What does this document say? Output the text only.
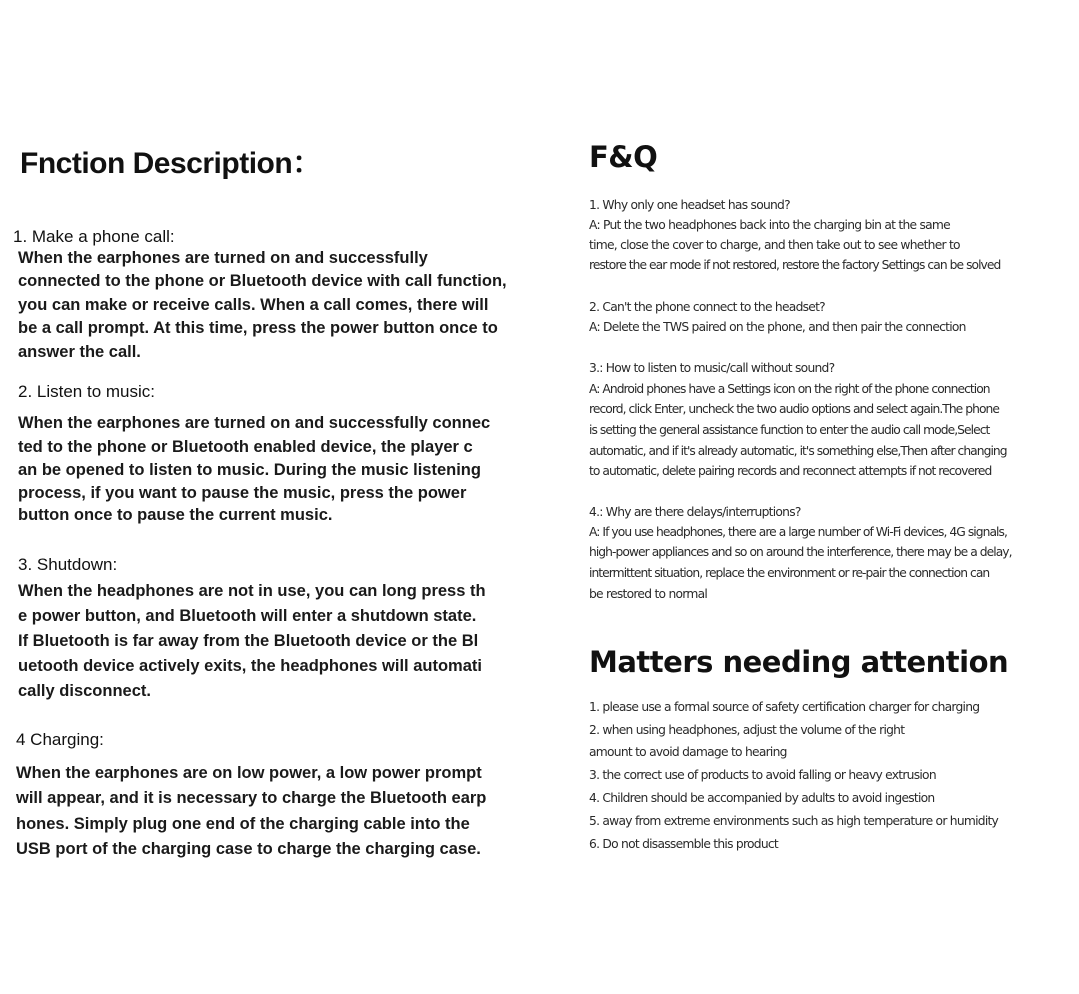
Fnction Description：
1. Make a phone call:
When the earphones are turned on and successfully
connected to the phone or Bluetooth device with call function,
you can make or receive calls. When a call comes, there will
be a call prompt. At this time, press the power button once to
answer the call.
2. Listen to music:
When the earphones are turned on and successfully connec
ted to the phone or Bluetooth enabled device, the player c
an be opened to listen to music. During the music listening
process, if you want to pause the music, press the power
button once to pause the current music.
3. Shutdown:
When the headphones are not in use, you can long press th
e power button, and Bluetooth will enter a shutdown state.
If Bluetooth is far away from the Bluetooth device or the Bl
uetooth device actively exits, the headphones will automati
cally disconnect.
4 Charging:
When the earphones are on low power, a low power prompt
will appear, and it is necessary to charge the Bluetooth earp
hones. Simply plug one end of the charging cable into the
USB port of the charging case to charge the charging case.
F&Q
1. Why only one headset has sound?
A: Put the two headphones back into the charging bin at the same
time, close the cover to charge, and then take out to see whether to
restore the ear mode if not restored, restore the factory Settings can be solved
2. Can't the phone connect to the headset?
A: Delete the TWS paired on the phone, and then pair the connection
3.: How to listen to music/call without sound?
A: Android phones have a Settings icon on the right of the phone connection
record, click Enter, uncheck the two audio options and select again.The phone
is setting the general assistance function to enter the audio call mode,Select
automatic, and if it's already automatic, it's something else,Then after changing
to automatic, delete pairing records and reconnect attempts if not recovered
4.: Why are there delays/interruptions?
A: If you use headphones, there are a large number of Wi-Fi devices, 4G signals,
high-power appliances and so on around the interference, there may be a delay,
intermittent situation, replace the environment or re-pair the connection can
be restored to normal
Matters needing attention
1. please use a formal source of safety certification charger for charging
2. when using headphones, adjust the volume of the right
amount to avoid damage to hearing
3. the correct use of products to avoid falling or heavy extrusion
4. Children should be accompanied by adults to avoid ingestion
5. away from extreme environments such as high temperature or humidity
6. Do not disassemble this product
